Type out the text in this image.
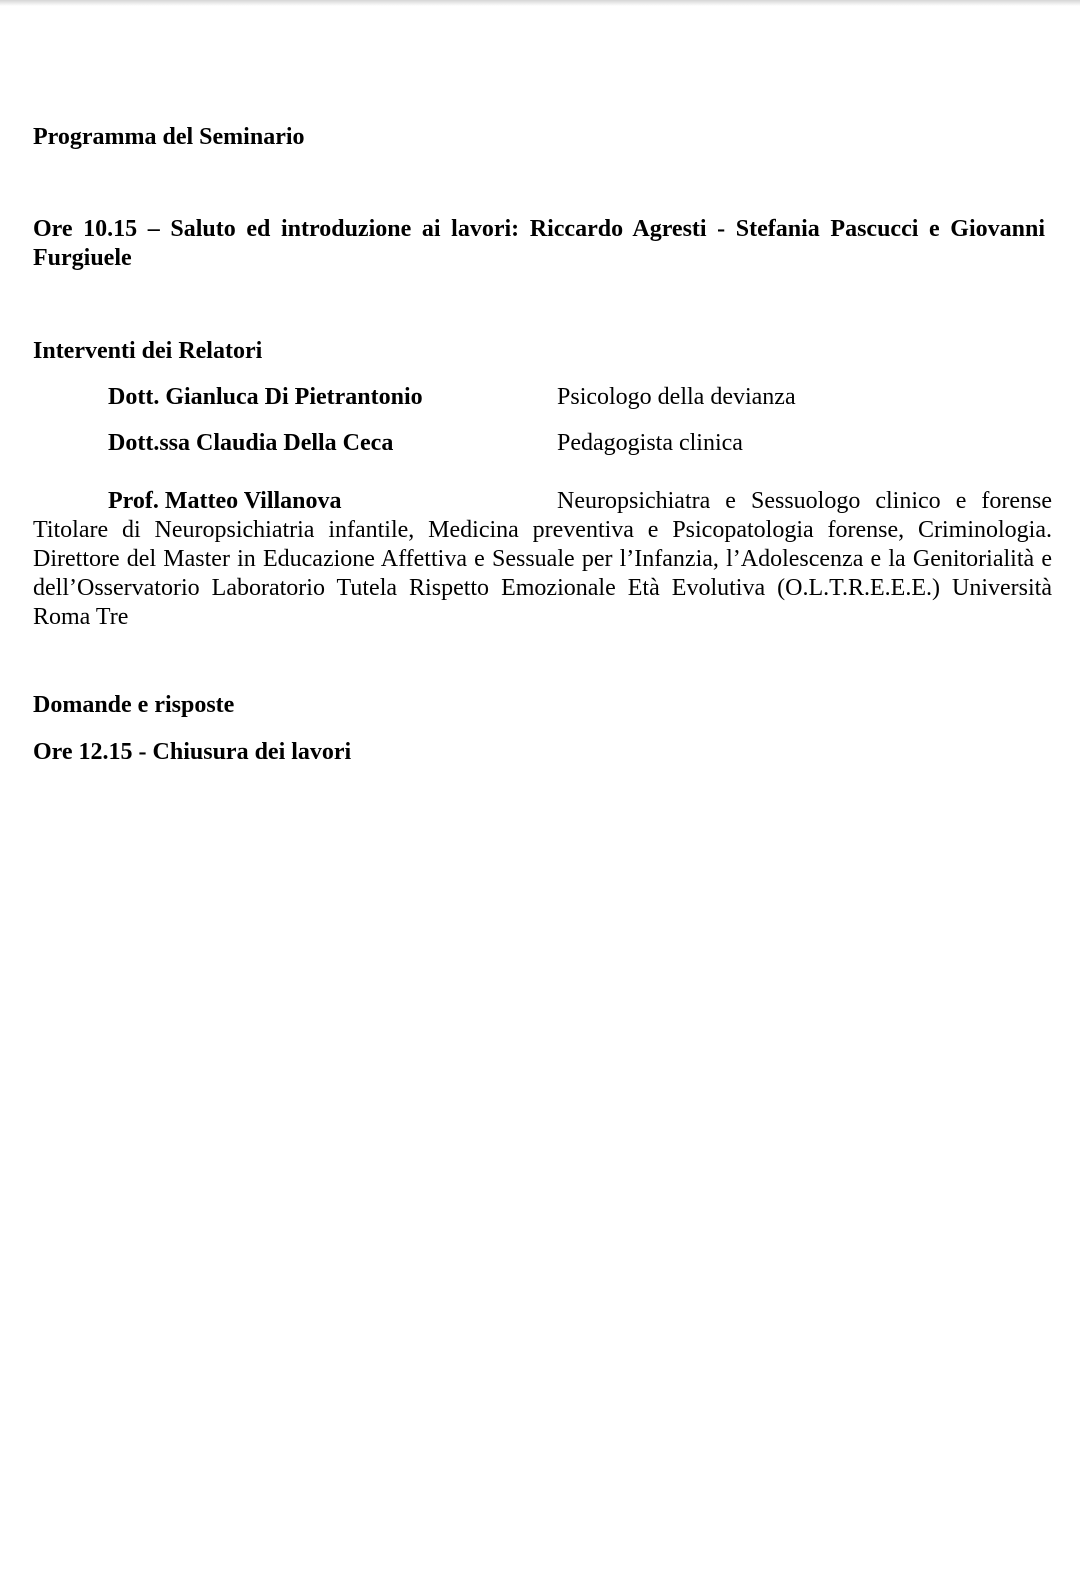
Programma del Seminario

Ore 10.15 – Saluto ed introduzione ai lavori: Riccardo Agresti - Stefania Pascucci e Giovanni Furgiuele

Interventi dei Relatori

Dott. Gianluca Di Pietrantonio	Psicologo della devianza

Dott.ssa Claudia Della Ceca	Pedagogista clinica

Prof. Matteo Villanova	Neuropsichiatra e Sessuologo clinico e forense

Titolare di Neuropsichiatria infantile, Medicina preventiva e Psicopatologia forense, Criminologia. Direttore del Master in Educazione Affettiva e Sessuale per l’Infanzia, l’Adolescenza e la Genitorialità e dell’Osservatorio Laboratorio Tutela Rispetto Emozionale Età Evolutiva (O.L.T.R.E.E.E.) Università Roma Tre

Domande e risposte

Ore 12.15 - Chiusura dei lavori
